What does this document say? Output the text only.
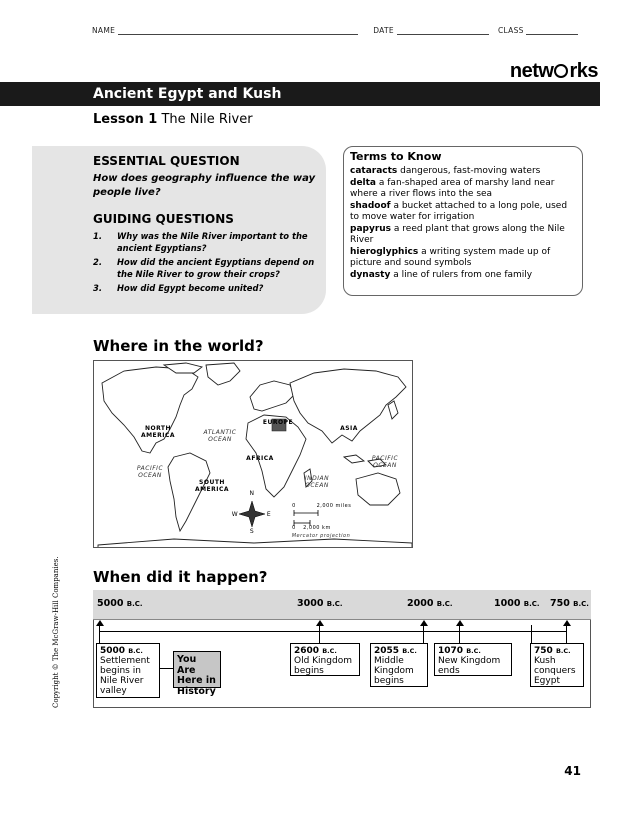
NAME	DATE	CLASS
netw rks
Ancient Egypt and Kush
Lesson 1 The Nile River
ESSENTIAL QUESTION
How does geography influence the way people live?
GUIDING QUESTIONS
1.	Why was the Nile River important to the ancient Egyptians?
2.	How did the ancient Egyptians depend on the Nile River to grow their crops?
3.	How did Egypt become united?
Terms to Know
cataracts dangerous, fast-moving waters
delta a fan-shaped area of marshy land near where a river flows into the sea
shadoof a bucket attached to a long pole, used to move water for irrigation
papyrus a reed plant that grows along the Nile River
hieroglyphics a writing system made up of picture and sound symbols
dynasty a line of rulers from one family
Where in the world?
NORTH AMERICA
SOUTH AMERICA
EUROPE
AFRICA
ASIA
ATLANTIC OCEAN
PACIFIC OCEAN
PACIFIC OCEAN
INDIAN OCEAN
N
S
E
W
0	2,000 miles
0	2,000 km
Mercator projection
Copyright © The McGraw-Hill Companies. When did it happen?
5000 B.C.	3000 B.C.	2000 B.C.	1000 B.C. 750 B.C.
5000 B.C.
Settlement
begins in
Nile River
valley
You Are
Here in
History
2600 B.C.
Old Kingdom
begins
2055 B.C.
Middle
Kingdom
begins
1070 B.C.
New Kingdom
ends
750 B.C.
Kush
conquers
Egypt
41
